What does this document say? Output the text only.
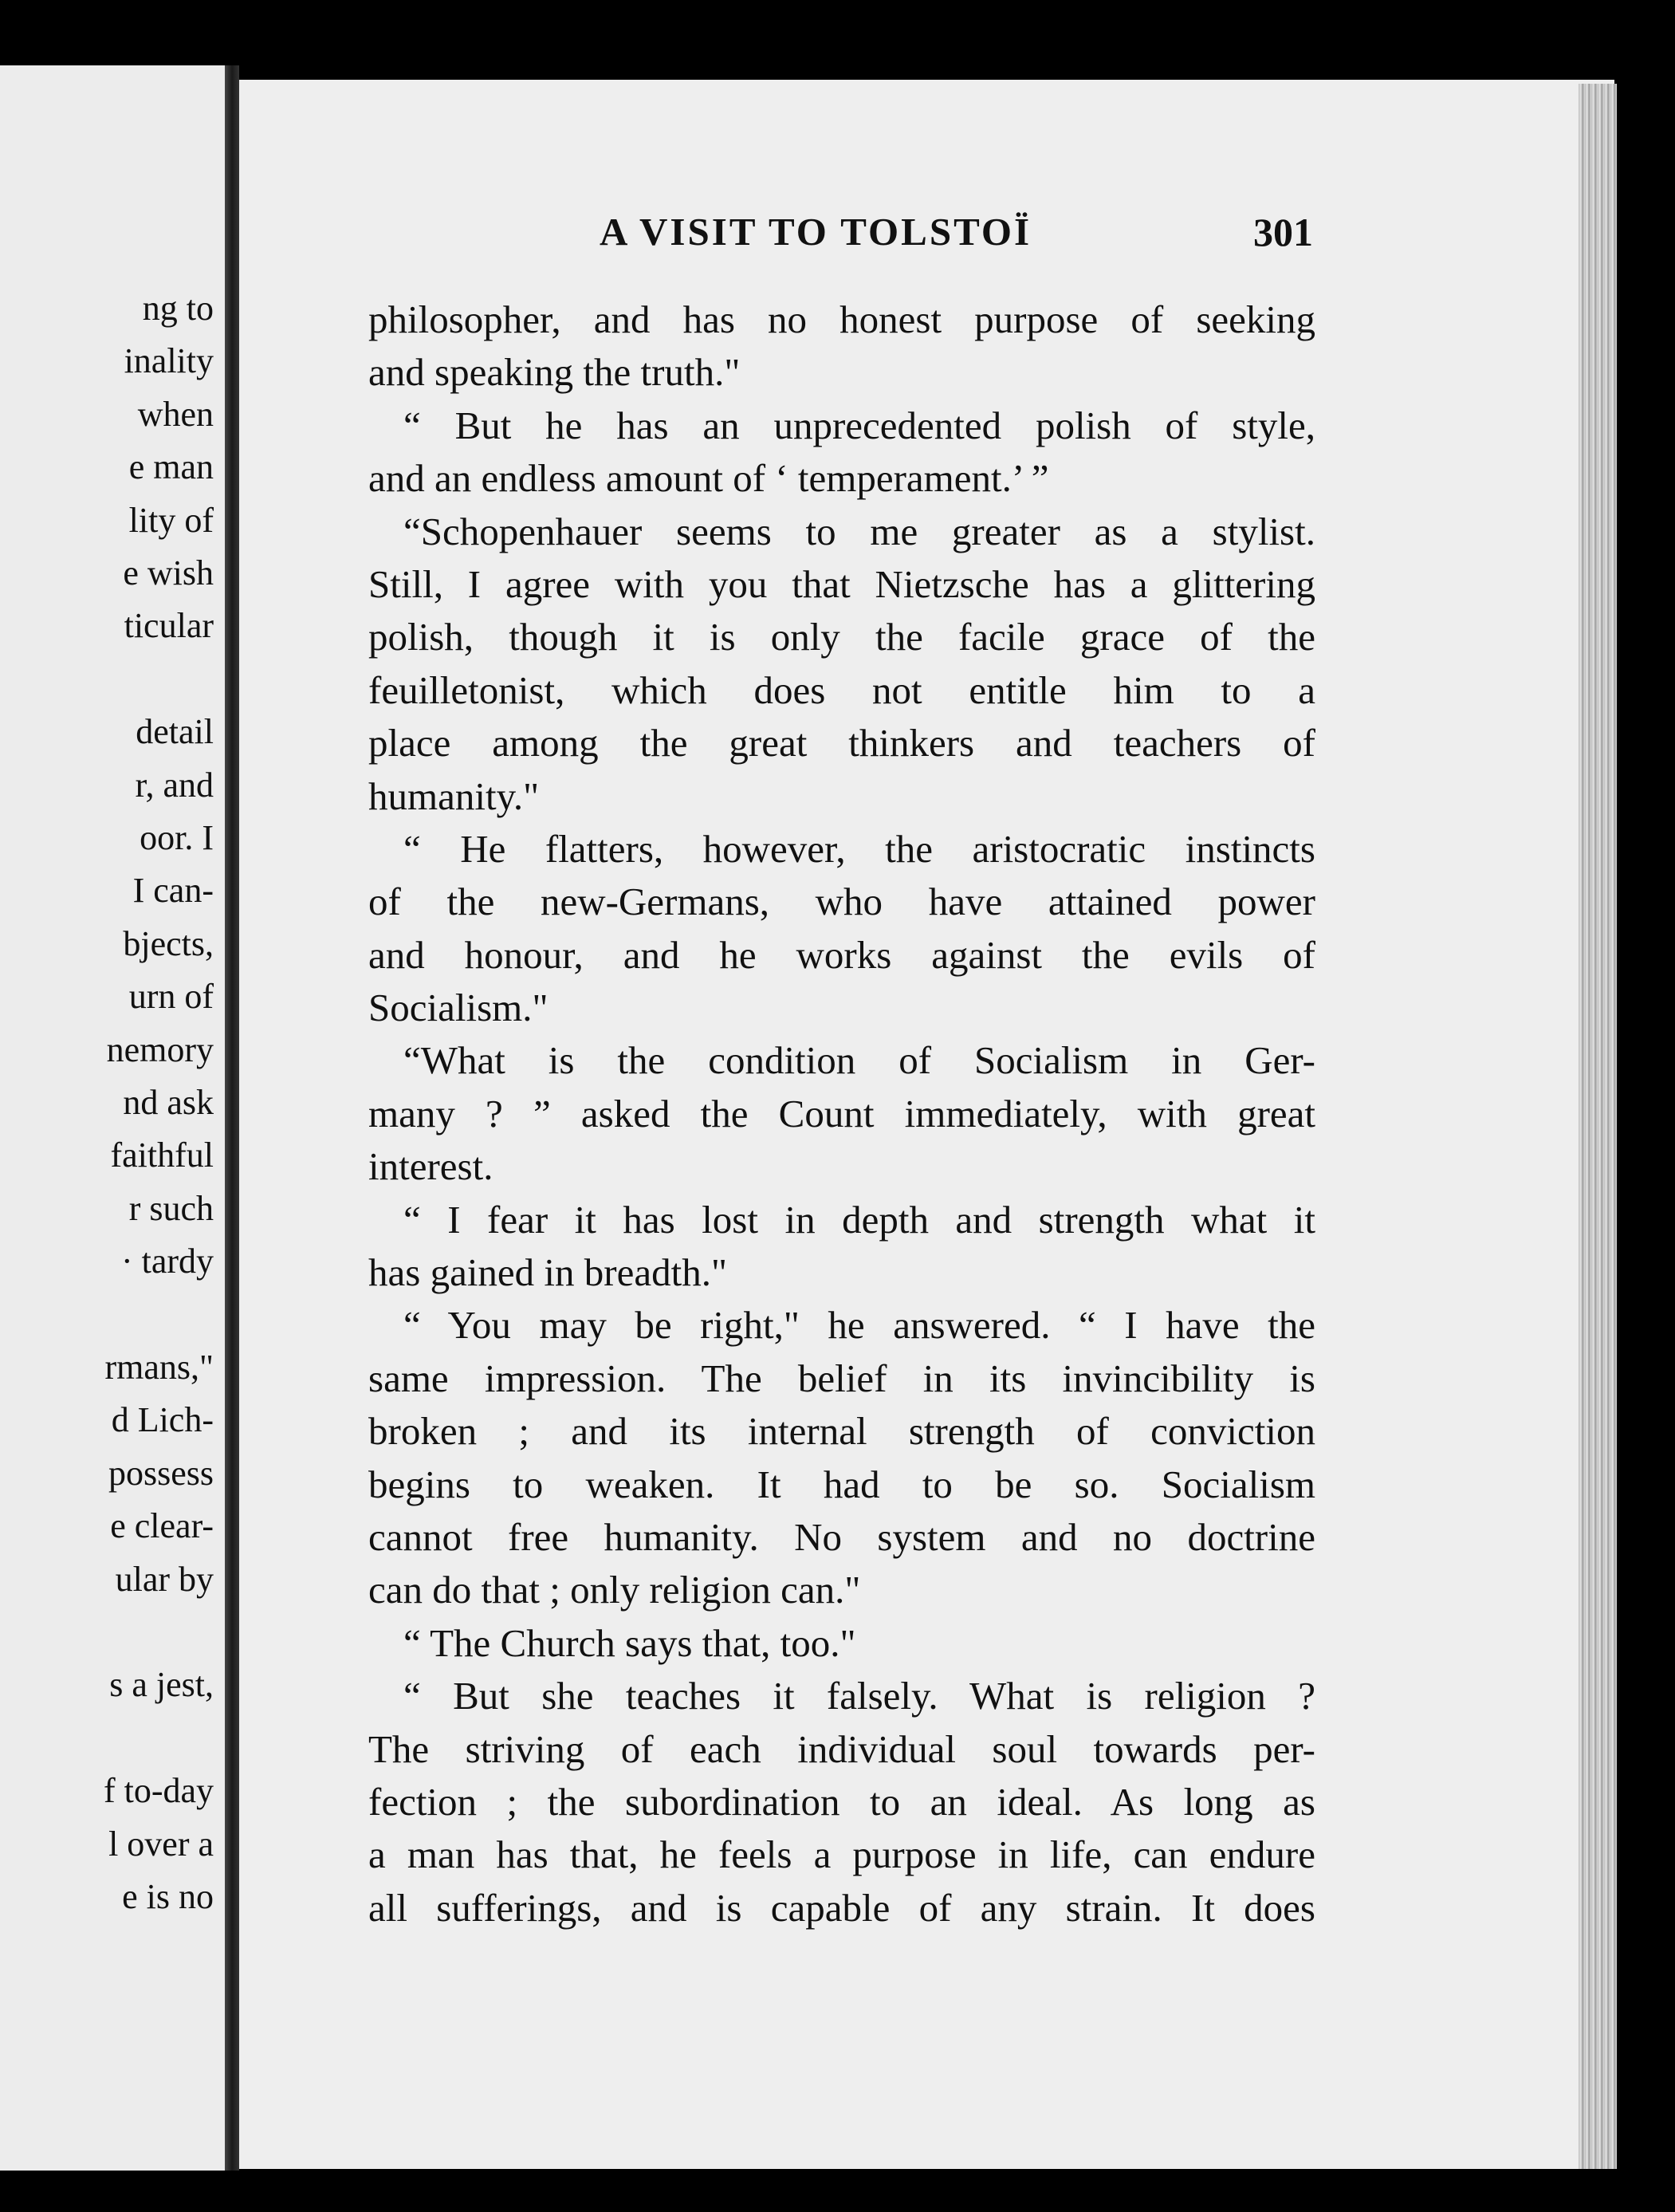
ng to
inality
when
e man
lity of
e wish
ticular
detail
r, and
oor. I
I can-
bjects,
urn of
nemory
nd ask
faithful
r such
· tardy
rmans,"
d Lich-
possess
e clear-
ular by
s a jest,
f to-day
l over a
e is no
A VISIT TO TOLSTOÏ	301
philosopher, and has no honest purpose of seeking
and speaking the truth."
“ But he has an unprecedented polish of style,
and an endless amount of ‘ temperament.’ ”
“Schopenhauer seems to me greater as a stylist.
Still, I agree with you that Nietzsche has a glittering
polish, though it is only the facile grace of the
feuilletonist, which does not entitle him to a
place among the great thinkers and teachers of
humanity."
“ He flatters, however, the aristocratic instincts
of the new-Germans, who have attained power
and honour, and he works against the evils of
Socialism."
“What is the condition of Socialism in Ger-
many ? ” asked the Count immediately, with great
interest.
“ I fear it has lost in depth and strength what it
has gained in breadth."
“ You may be right," he answered. “ I have the
same impression. The belief in its invincibility is
broken ; and its internal strength of conviction
begins to weaken. It had to be so. Socialism
cannot free humanity. No system and no doctrine
can do that ; only religion can."
“ The Church says that, too."
“ But she teaches it falsely. What is religion ?
The striving of each individual soul towards per-
fection ; the subordination to an ideal. As long as
a man has that, he feels a purpose in life, can endure
all sufferings, and is capable of any strain. It does
